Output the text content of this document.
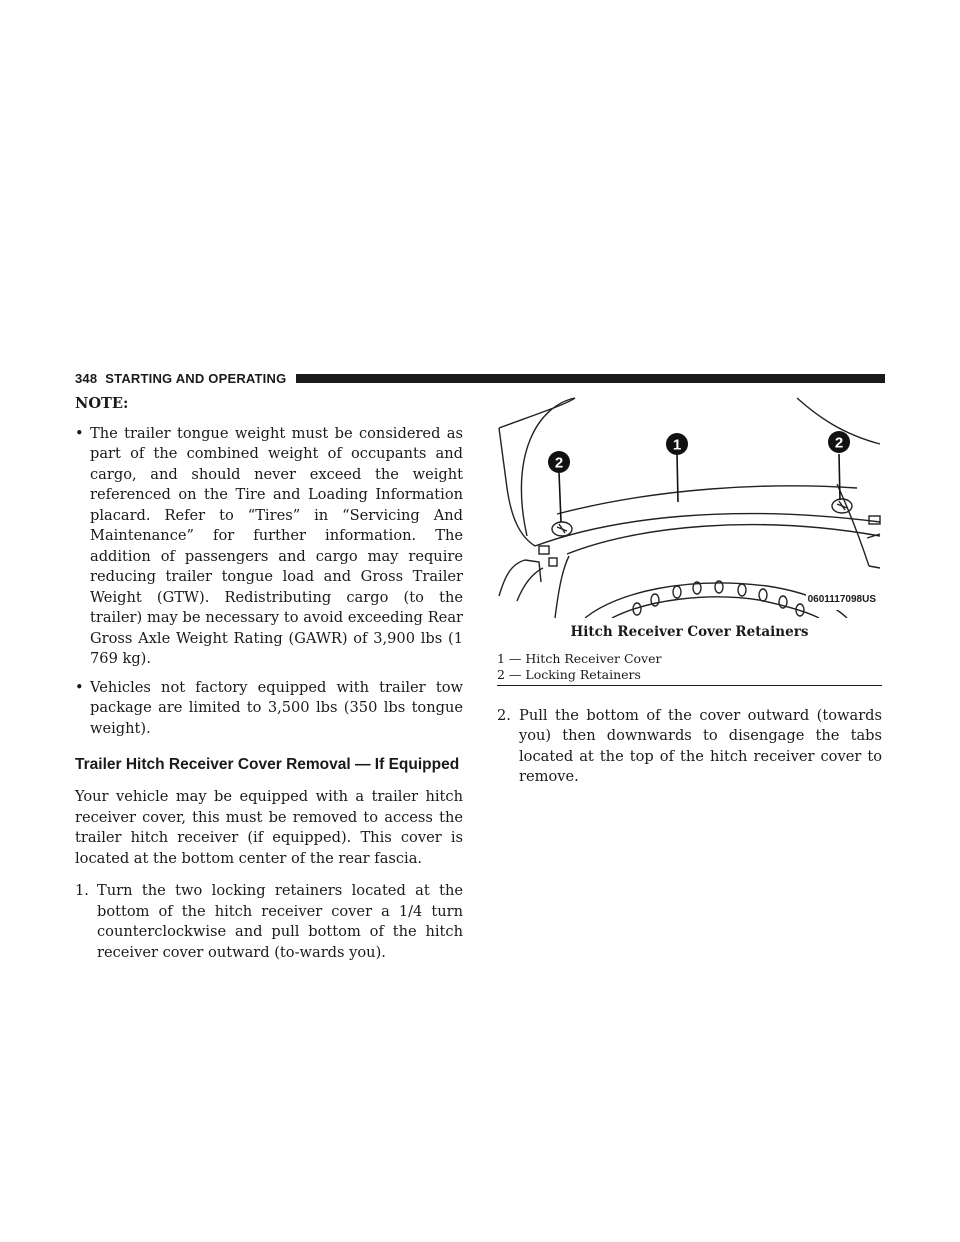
348 STARTING AND OPERATING
NOTE:
• The trailer tongue weight must be considered as part of the combined weight of occupants and cargo, and should never exceed the weight referenced on the Tire and Loading Information placard. Refer to “Tires” in “Servicing And Maintenance” for further information. The addition of passengers and cargo may require reducing trailer tongue load and Gross Trailer Weight (GTW). Redistributing cargo (to the trailer) may be necessary to avoid exceeding Rear Gross Axle Weight Rating (GAWR) of 3,900 lbs (1 769 kg).
• Vehicles not factory equipped with trailer tow package are limited to 3,500 lbs (350 lbs tongue weight).
Trailer Hitch Receiver Cover Removal — If Equipped

Your vehicle may be equipped with a trailer hitch receiver cover, this must be removed to access the trailer hitch receiver (if equipped). This cover is located at the bottom center of the rear fascia.

1. Turn the two locking retainers located at the bottom of the hitch receiver cover a 1/4 turn counterclockwise and pull bottom of the hitch receiver cover outward (to-wards you).
2
1	2
0601117098US
Hitch Receiver Cover Retainers
1 — Hitch Receiver Cover
2 — Locking Retainers
2. Pull the bottom of the cover outward (towards you) then downwards to disengage the tabs located at the top of the hitch receiver cover to remove.
